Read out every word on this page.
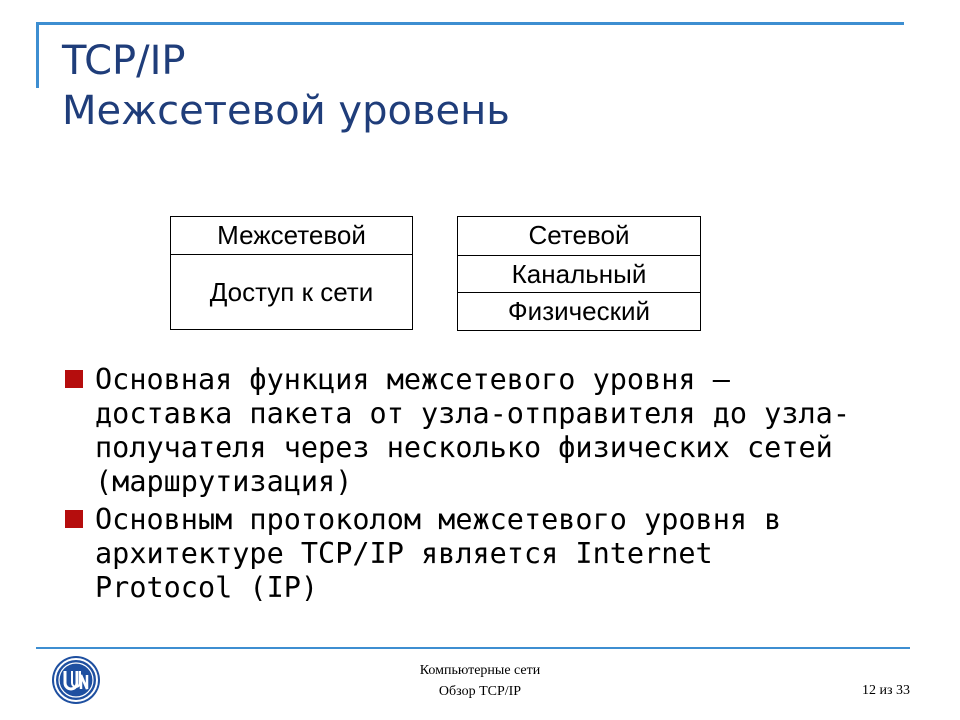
TCP/IP
Межсетевой уровень
Межсетевой
Доступ к сети
Сетевой
Канальный
Физический
Основная функция межсетевого уровня – доставка пакета от узла-отправителя до узла-получателя через несколько физических сетей (маршрутизация)
Основным протоколом межсетевого уровня в архитектуре TCP/IP является Internet Protocol (IP)
Компьютерные сети
Обзор TCP/IP	12 из 33
